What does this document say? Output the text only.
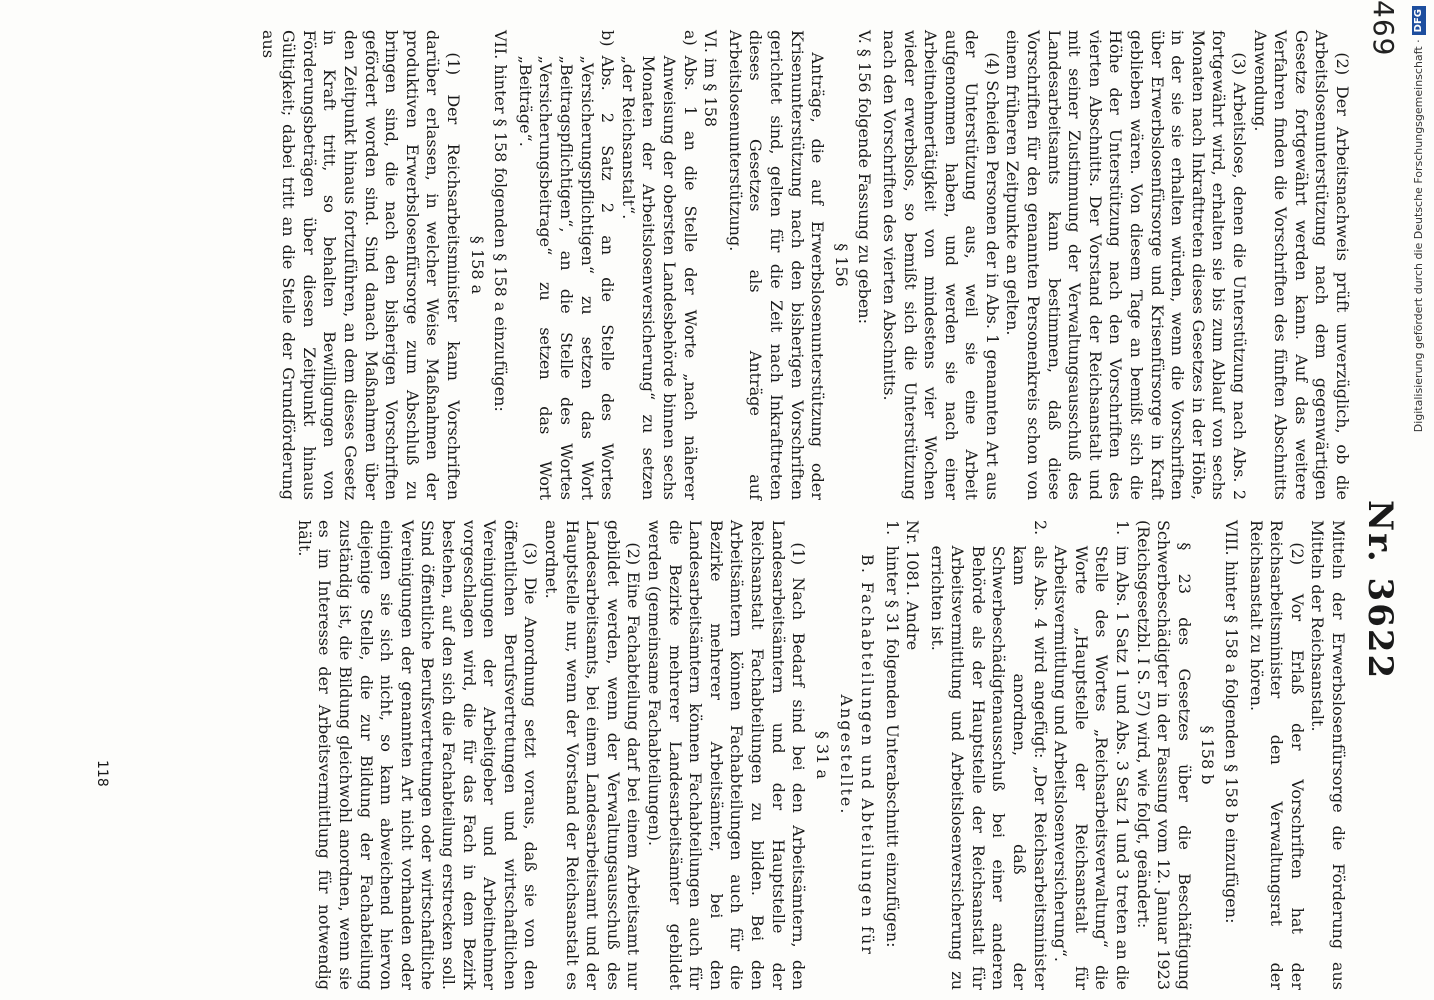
469
Nr. 3622

(2) Der Arbeitsnachweis prüft unverzüglich, ob die Arbeitslosenunterstützung nach dem gegenwärtigen Gesetze fortgewährt werden kann. Auf das weitere Verfahren finden die Vorschriften des fünften Abschnitts Anwendung.

(3) Arbeitslose, denen die Unterstützung nach Abs. 2 fortgewährt wird, erhalten sie bis zum Ablauf von sechs Monaten nach Inkrafttreten dieses Gesetzes in der Höhe, in der sie sie erhalten würden, wenn die Vorschriften über Erwerbslosenfürsorge und Krisenfürsorge in Kraft geblieben wären. Von diesem Tage an bemißt sich die Höhe der Unterstützung nach den Vorschriften des vierten Abschnitts. Der Vorstand der Reichsanstalt und mit seiner Zustimmung der Verwaltungsausschuß des Landesarbeitsamts kann bestimmen, daß diese Vorschriften für den genannten Personenkreis schon von einem früheren Zeitpunkte an gelten.

(4) Scheiden Personen der in Abs. 1 genannten Art aus der Unterstützung aus, weil sie eine Arbeit aufgenommen haben, und werden sie nach einer Arbeitnehmertätigkeit von mindestens vier Wochen wieder erwerbslos, so bemißt sich die Unterstützung nach den Vorschriften des vierten Abschnitts.

V. § 156 folgende Fassung zu geben:

§ 156

Anträge, die auf Erwerbslosenunterstützung oder Krisenunterstützung nach den bisherigen Vorschriften gerichtet sind, gelten für die Zeit nach Inkrafttreten dieses Gesetzes als Anträge auf Arbeitslosenunterstützung.

VI. im § 158

a)
Abs. 1 an die Stelle der Worte „nach näherer Anweisung der obersten Landesbehörde binnen sechs Monaten der Arbeitslosenversicherung“ zu setzen „der Reichsanstalt“.

b)
Abs. 2 Satz 2 an die Stelle des Wortes „Versicherungspflichtigen“ zu setzen das Wort „Beitragspflichtigen“, an die Stelle des Wortes „Versicherungsbeitrage“ zu setzen das Wort „Beiträge“.

VII. hinter § 158 folgenden § 158 a einzufügen:

§ 158 a

(1) Der Reichsarbeitsminister kann Vorschriften darüber erlassen, in welcher Weise Maßnahmen der produktiven Erwerbslosenfürsorge zum Abschluß zu bringen sind, die nach den bisherigen Vorschriften gefördert worden sind. Sind danach Maßnahmen über den Zeitpunkt hinaus fortzuführen, an dem dieses Gesetz in Kraft tritt, so behalten Bewilligungen von Förderungsbeträgen über diesen Zeitpunkt hinaus Gültigkeit; dabei tritt an die Stelle der Grundförderung aus

Mitteln der Erwerbslosenfürsorge die Förderung aus Mitteln der Reichsanstalt.

(2) Vor Erlaß der Vorschriften hat der Reichsarbeitsminister den Verwaltungsrat der Reichsanstalt zu hören.

VIII. hinter § 158 a folgenden § 158 b einzufügen:

§ 158 b

§ 23 des Gesetzes über die Beschäftigung Schwerbeschädigter in der Fassung vom 12. Januar 1923 (Reichsgesetzbl. I S. 57) wird, wie folgt, geändert:

1.
im Abs. 1 Satz 1 und Abs. 3 Satz 1 und 3 treten an die Stelle des Wortes „Reichsarbeitsverwaltung“ die Worte „Hauptstelle der Reichsanstalt für Arbeitsvermittlung und Arbeitslosenversicherung“.

2.
als Abs. 4 wird angefügt: „Der Reichsarbeitsminister kann anordnen, daß der Schwerbeschädigtenausschuß bei einer anderen Behörde als der Hauptstelle der Reichsanstalt für Arbeitsvermittlung und Arbeitslosenversicherung zu errichten ist.

Nr. 1081. Andre

1.
hinter § 31 folgenden Unterabschnitt einzufügen:

B. Fachabteilungen und Abteilungen für Angestellte.

§ 31 a

(1) Nach Bedarf sind bei den Arbeitsämtern, den Landesarbeitsämtern und der Hauptstelle der Reichsanstalt Fachabteilungen zu bilden. Bei den Arbeitsämtern können Fachabteilungen auch für die Bezirke mehrerer Arbeitsämter, bei den Landesarbeitsämtern können Fachabteilungen auch für die Bezirke mehrerer Landesarbeitsämter gebildet werden (gemeinsame Fachabteilungen).

(2) Eine Fachabteilung darf bei einem Arbeitsamt nur gebildet werden, wenn der Verwaltungsausschuß des Landesarbeitsamts, bei einem Landesarbeitsamt und der Hauptstelle nur, wenn der Vorstand der Reichsanstalt es anordnet.

(3) Die Anordnung setzt voraus, daß sie von den öffentlichen Berufsvertretungen und wirtschaftlichen Vereinigungen der Arbeitgeber und Arbeitnehmer vorgeschlagen wird, die für das Fach in dem Bezirk bestehen, auf den sich die Fachabteilung erstrecken soll. Sind öffentliche Berufsvertretungen oder wirtschaftliche Vereinigungen der genannten Art nicht vorhanden oder einigen sie sich nicht, so kann abweichend hiervon diejenige Stelle, die zur Bildung der Fachabteilung zuständig ist, die Bildung gleichwohl anordnen, wenn sie es im Interesse der Arbeitsvermittlung für notwendig hält.

118
Digitalisierung gefördert durch die Deutsche Forschungsgemeinschaft ·DFG
